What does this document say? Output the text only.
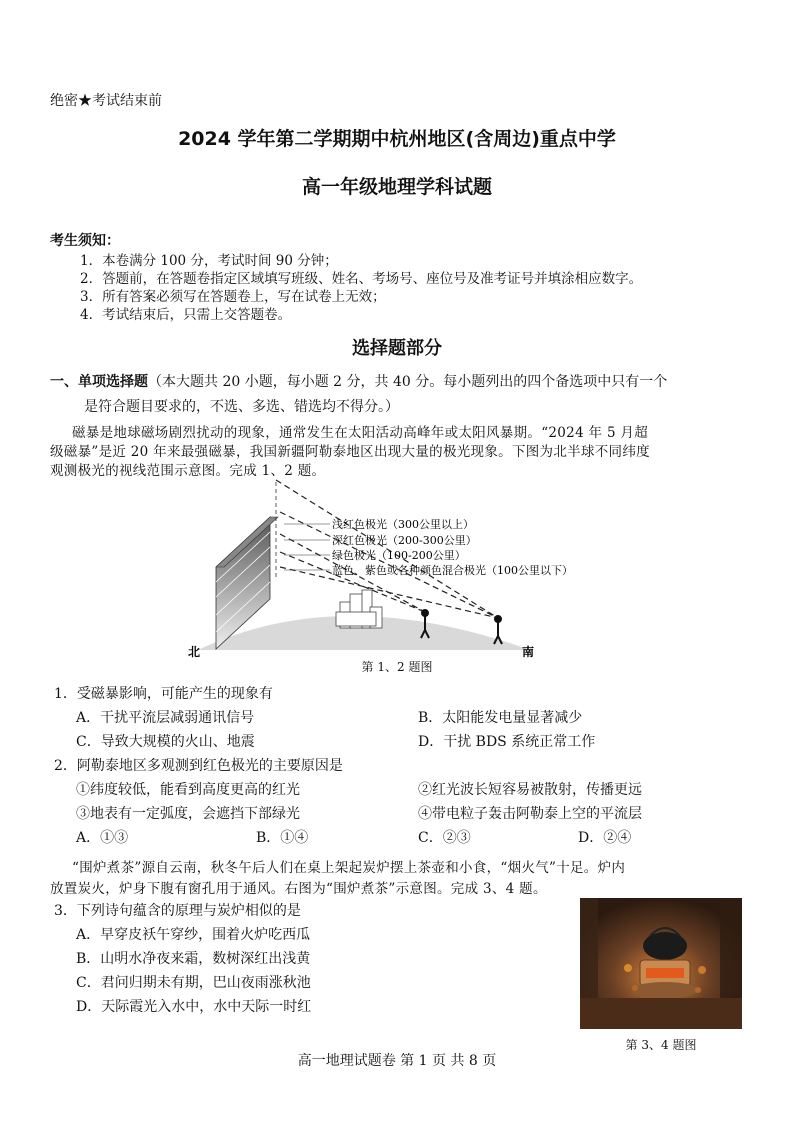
绝密★考试结束前
2024 学年第二学期期中杭州地区(含周边)重点中学
高一年级地理学科试题
考生须知：
1．本卷满分 100 分，考试时间 90 分钟；
2．答题前，在答题卷指定区域填写班级、姓名、考场号、座位号及准考证号并填涂相应数字。
3．所有答案必须写在答题卷上，写在试卷上无效；
4．考试结束后，只需上交答题卷。
选择题部分
一、单项选择题（本大题共 20 小题，每小题 2 分，共 40 分。每小题列出的四个备选项中只有一个
是符合题目要求的，不选、多选、错选均不得分。）
磁暴是地球磁场剧烈扰动的现象，通常发生在太阳活动高峰年或太阳风暴期。“2024 年 5 月超
级磁暴”是近 20 年来最强磁暴，我国新疆阿勒泰地区出现大量的极光现象。下图为北半球不同纬度
观测极光的视线范围示意图。完成 1、2 题。
浅红色极光（300公里以上）
深红色极光（200-300公里）
绿色极光（100-200公里）
蓝色、紫色或各种颜色混合极光（100公里以下）
北	南
第 1、2 题图
1．受磁暴影响，可能产生的现象有
A．干扰平流层减弱通讯信号	B．太阳能发电量显著减少
C．导致大规模的火山、地震	D．干扰 BDS 系统正常工作
2．阿勒泰地区多观测到红色极光的主要原因是
①纬度较低，能看到高度更高的红光	②红光波长短容易被散射，传播更远
③地表有一定弧度，会遮挡下部绿光	④带电粒子轰击阿勒泰上空的平流层
A．①③	B．①④	C．②③	D．②④
“围炉煮茶”源自云南，秋冬午后人们在桌上架起炭炉摆上茶壶和小食，“烟火气”十足。炉内
放置炭火，炉身下腹有窗孔用于通风。右图为“围炉煮茶”示意图。完成 3、4 题。
3．下列诗句蕴含的原理与炭炉相似的是
A．早穿皮袄午穿纱，围着火炉吃西瓜
B．山明水净夜来霜，数树深红出浅黄
C．君问归期未有期，巴山夜雨涨秋池
D．天际霞光入水中，水中天际一时红
第 3、4 题图
高一地理试题卷 第 1 页 共 8 页
